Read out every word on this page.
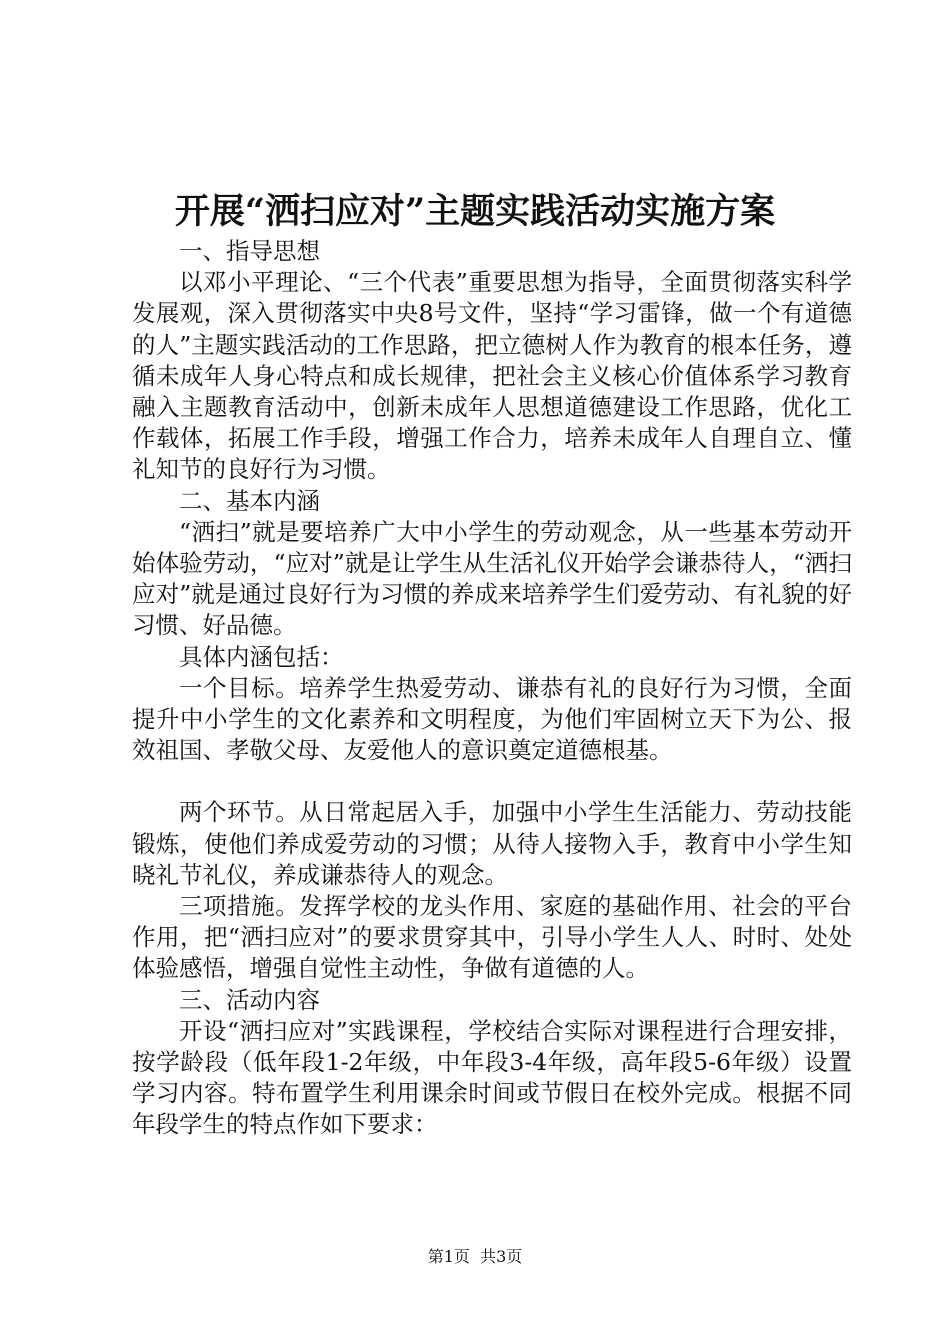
开展“洒扫应对”主题实践活动实施方案

一、指导思想

以邓小平理论、“三个代表”重要思想为指导，全面贯彻落实科学发展观，深入贯彻落实中央8号文件，坚持“学习雷锋，做一个有道德的人”主题实践活动的工作思路，把立德树人作为教育的根本任务，遵循未成年人身心特点和成长规律，把社会主义核心价值体系学习教育融入主题教育活动中，创新未成年人思想道德建设工作思路，优化工作载体，拓展工作手段，增强工作合力，培养未成年人自理自立、懂礼知节的良好行为习惯。

二、基本内涵

“洒扫”就是要培养广大中小学生的劳动观念，从一些基本劳动开始体验劳动，“应对”就是让学生从生活礼仪开始学会谦恭待人，“洒扫应对”就是通过良好行为习惯的养成来培养学生们爱劳动、有礼貌的好习惯、好品德。

具体内涵包括：

一个目标。培养学生热爱劳动、谦恭有礼的良好行为习惯，全面提升中小学生的文化素养和文明程度，为他们牢固树立天下为公、报效祖国、孝敬父母、友爱他人的意识奠定道德根基。

两个环节。从日常起居入手，加强中小学生生活能力、劳动技能锻炼，使他们养成爱劳动的习惯；从待人接物入手，教育中小学生知晓礼节礼仪，养成谦恭待人的观念。

三项措施。发挥学校的龙头作用、家庭的基础作用、社会的平台作用，把“洒扫应对”的要求贯穿其中，引导小学生人人、时时、处处体验感悟，增强自觉性主动性，争做有道德的人。

三、活动内容

开设“洒扫应对”实践课程，学校结合实际对课程进行合理安排，按学龄段（低年段1-2年级，中年段3-4年级，高年段5-6年级）设置学习内容。特布置学生利用课余时间或节假日在校外完成。根据不同年段学生的特点作如下要求：

第1页  共3页
